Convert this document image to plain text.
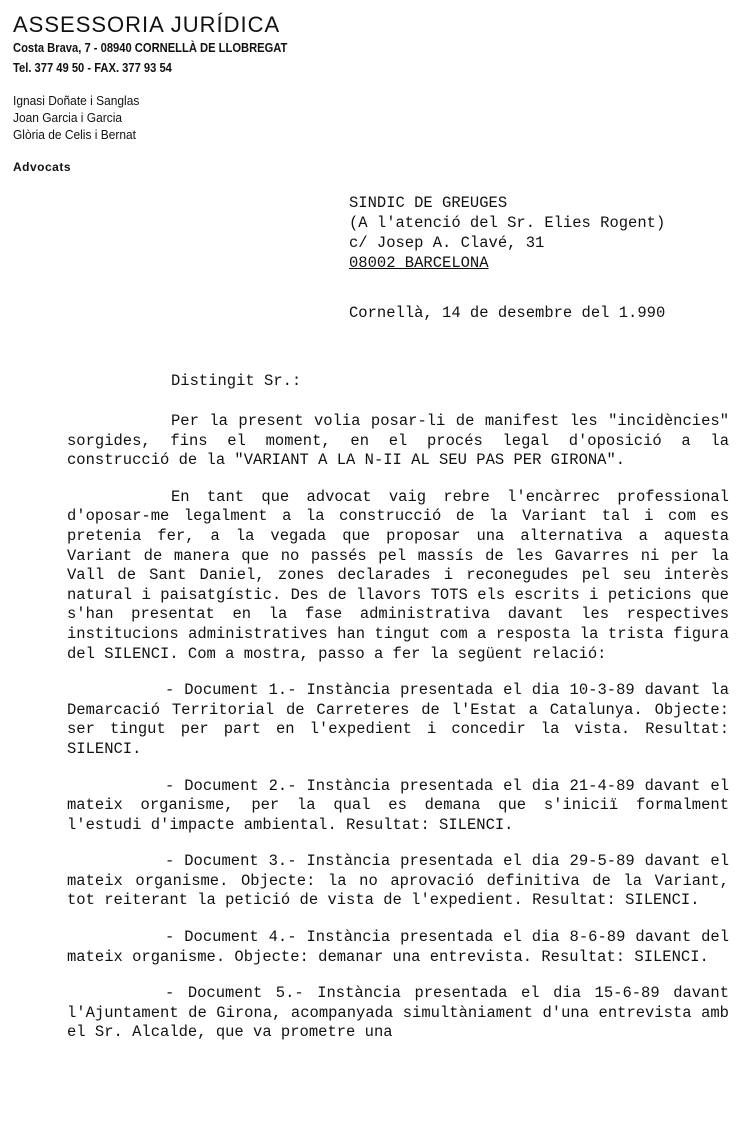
ASSESSORIA JURÍDICA

Costa Brava, 7 - 08940 CORNELLÀ DE LLOBREGAT

Tel. 377 49 50 - FAX. 377 93 54

Ignasi Doñate i Sanglas
Joan Garcia i Garcia
Glòria de Celis i Bernat
Advocats
SINDIC DE GREUGES
(A l'atenció del Sr. Elies Rogent)
c/ Josep A. Clavé, 31
08002 BARCELONA
Cornellà, 14 de desembre del 1.990
Distingit Sr.:

Per la present volia posar-li de manifest les "incidències" sorgides, fins el moment, en el procés legal d'oposició a la construcció de la "VARIANT A LA N-II AL SEU PAS PER GIRONA".

En tant que advocat vaig rebre l'encàrrec professional d'oposar-me legalment a la construcció de la Variant tal i com es pretenia fer, a la vegada que proposar una alternativa a aquesta Variant de manera que no passés pel massís de les Gavarres ni per la Vall de Sant Daniel, zones declarades i reconegudes pel seu interès natural i paisatgístic. Des de llavors TOTS els escrits i peticions que s'han presentat en la fase administrativa davant les respectives institucions administratives han tingut com a resposta la trista figura del SILENCI. Com a mostra, passo a fer la següent relació:

- Document 1.- Instància presentada el dia 10-3-89 davant la Demarcació Territorial de Carreteres de l'Estat a Catalunya. Objecte: ser tingut per part en l'expedient i concedir la vista. Resultat: SILENCI.

- Document 2.- Instància presentada el dia 21-4-89 davant el mateix organisme, per la qual es demana que s'iniciï formalment l'estudi d'impacte ambiental. Resultat: SILENCI.

- Document 3.- Instància presentada el dia 29-5-89 davant el mateix organisme. Objecte: la no aprovació definitiva de la Variant, tot reiterant la petició de vista de l'expedient. Resultat: SILENCI.

- Document 4.- Instància presentada el dia 8-6-89 davant del mateix organisme. Objecte: demanar una entrevista. Resultat: SILENCI.

- Document 5.- Instància presentada el dia 15-6-89 davant l'Ajuntament de Girona, acompanyada simultàniament d'una entrevista amb el Sr. Alcalde, que va prometre una
